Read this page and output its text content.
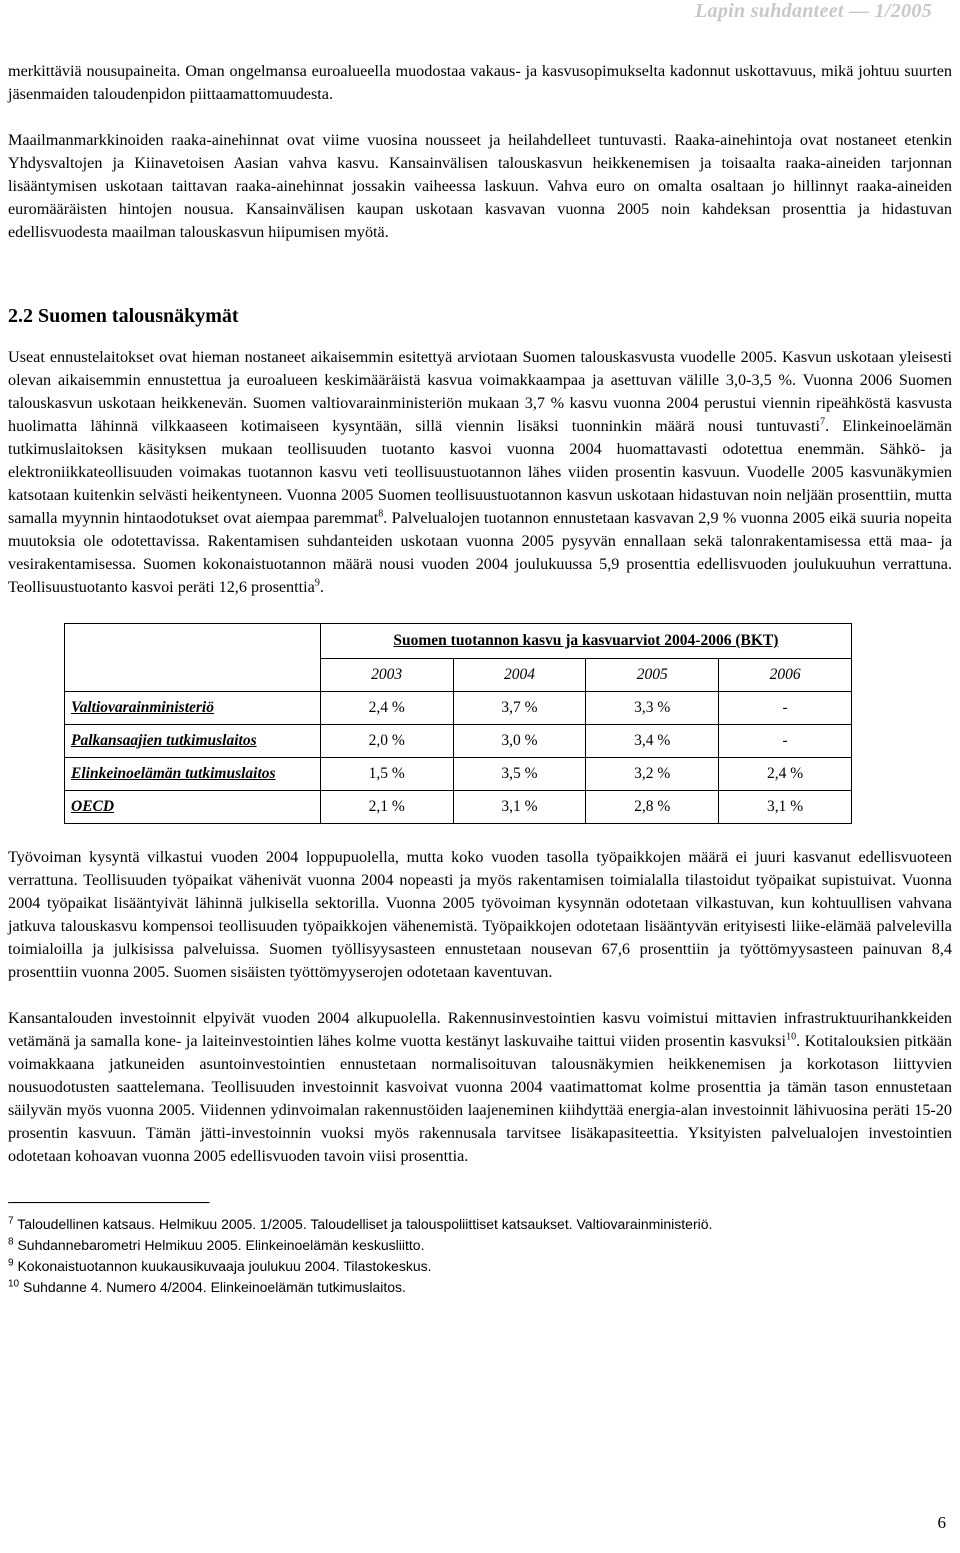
Lapin suhdanteet — 1/2005

merkittäviä nousupaineita. Oman ongelmansa euroalueella muodostaa vakaus- ja kasvusopimukselta kadonnut uskottavuus, mikä johtuu suurten jäsenmaiden taloudenpidon piittaamattomuudesta.

Maailmanmarkkinoiden raaka-ainehinnat ovat viime vuosina nousseet ja heilahdelleet tuntuvasti. Raaka-ainehintoja ovat nostaneet etenkin Yhdysvaltojen ja Kiinavetoisen Aasian vahva kasvu. Kansainvälisen talouskasvun heikkenemisen ja toisaalta raaka-aineiden tarjonnan lisääntymisen uskotaan taittavan raaka-ainehinnat jossakin vaiheessa laskuun. Vahva euro on omalta osaltaan jo hillinnyt raaka-aineiden euromääräisten hintojen nousua. Kansainvälisen kaupan uskotaan kasvavan vuonna 2005 noin kahdeksan prosenttia ja hidastuvan edellisvuodesta maailman talouskasvun hiipumisen myötä.

2.2 Suomen talousnäkymät

Useat ennustelaitokset ovat hieman nostaneet aikaisemmin esitettyä arviotaan Suomen talouskasvusta vuodelle 2005. Kasvun uskotaan yleisesti olevan aikaisemmin ennustettua ja euroalueen keskimääräistä kasvua voimakkaampaa ja asettuvan välille 3,0-3,5 %. Vuonna 2006 Suomen talouskasvun uskotaan heikkenevän. Suomen valtiovarainministeriön mukaan 3,7 % kasvu vuonna 2004 perustui viennin ripeähköstä kasvusta huolimatta lähinnä vilkkaaseen kotimaiseen kysyntään, sillä viennin lisäksi tuonninkin määrä nousi tuntuvasti$^7$. Elinkeinoelämän tutkimuslaitoksen käsityksen mukaan teollisuuden tuotanto kasvoi vuonna 2004 huomattavasti odotettua enemmän. Sähkö- ja elektroniikkateollisuuden voimakas tuotannon kasvu veti teollisuustuotannon lähes viiden prosentin kasvuun. Vuodelle 2005 kasvunäkymien katsotaan kuitenkin selvästi heikentyneen. Vuonna 2005 Suomen teollisuustuotannon kasvun uskotaan hidastuvan noin neljään prosenttiin, mutta samalla myynnin hintaodotukset ovat aiempaa paremmat$^8$. Palvelualojen tuotannon ennustetaan kasvavan 2,9 % vuonna 2005 eikä suuria nopeita muutoksia ole odotettavissa. Rakentamisen suhdanteiden uskotaan vuonna 2005 pysyvän ennallaan sekä talonrakentamisessa että maa- ja vesirakentamisessa. Suomen kokonaistuotannon määrä nousi vuoden 2004 joulukuussa 5,9 prosenttia edellisvuoden joulukuuhun verrattuna. Teollisuustuotanto kasvoi peräti 12,6 prosenttia$^9$.

	Suomen tuotannon kasvu ja kasvuarviot 2004-2006 (BKT)			
	2003	2004	2005	2006
Valtiovarainministeriö	2,4 %	3,7 %	3,3 %	-
Palkansaajien tutkimuslaitos	2,0 %	3,0 %	3,4 %	-
Elinkeinoelämän tutkimuslaitos	1,5 %	3,5 %	3,2 %	2,4 %
OECD	2,1 %	3,1 %	2,8 %	3,1 %

Työvoiman kysyntä vilkastui vuoden 2004 loppupuolella, mutta koko vuoden tasolla työpaikkojen määrä ei juuri kasvanut edellisvuoteen verrattuna. Teollisuuden työpaikat vähenivät vuonna 2004 nopeasti ja myös rakentamisen toimialalla tilastoidut työpaikat supistuivat. Vuonna 2004 työpaikat lisääntyivät lähinnä julkisella sektorilla. Vuonna 2005 työvoiman kysynnän odotetaan vilkastuvan, kun kohtuullisen vahvana jatkuva talouskasvu kompensoi teollisuuden työpaikkojen vähenemistä. Työpaikkojen odotetaan lisääntyvän erityisesti liike-elämää palvelevilla toimialoilla ja julkisissa palveluissa. Suomen työllisyysasteen ennustetaan nousevan 67,6 prosenttiin ja työttömyysasteen painuvan 8,4 prosenttiin vuonna 2005. Suomen sisäisten työttömyyserojen odotetaan kaventuvan.

Kansantalouden investoinnit elpyivät vuoden 2004 alkupuolella. Rakennusinvestointien kasvu voimistui mittavien infrastruktuurihankkeiden vetämänä ja samalla kone- ja laiteinvestointien lähes kolme vuotta kestänyt laskuvaihe taittui viiden prosentin kasvuksi$^{10}$. Kotitalouksien pitkään voimakkaana jatkuneiden asuntoinvestointien ennustetaan normalisoituvan talousnäkymien heikkenemisen ja korkotason liittyvien nousuodotusten saattelemana. Teollisuuden investoinnit kasvoivat vuonna 2004 vaatimattomat kolme prosenttia ja tämän tason ennustetaan säilyvän myös vuonna 2005. Viidennen ydinvoimalan rakennustöiden laajeneminen kiihdyttää energia-alan investoinnit lähivuosina peräti 15-20 prosentin kasvuun. Tämän jätti-investoinnin vuoksi myös rakennusala tarvitsee lisäkapasiteettia. Yksityisten palvelualojen investointien odotetaan kohoavan vuonna 2005 edellisvuoden tavoin viisi prosenttia.

$^7$ Taloudellinen katsaus. Helmikuu 2005. 1/2005. Taloudelliset ja talouspoliittiset katsaukset. Valtiovarainministeriö.
$^8$ Suhdannebarometri Helmikuu 2005. Elinkeinoelämän keskusliitto.
$^9$ Kokonaistuotannon kuukausikuvaaja joulukuu 2004. Tilastokeskus.
$^{10}$ Suhdanne 4. Numero 4/2004. Elinkeinoelämän tutkimuslaitos.
6
